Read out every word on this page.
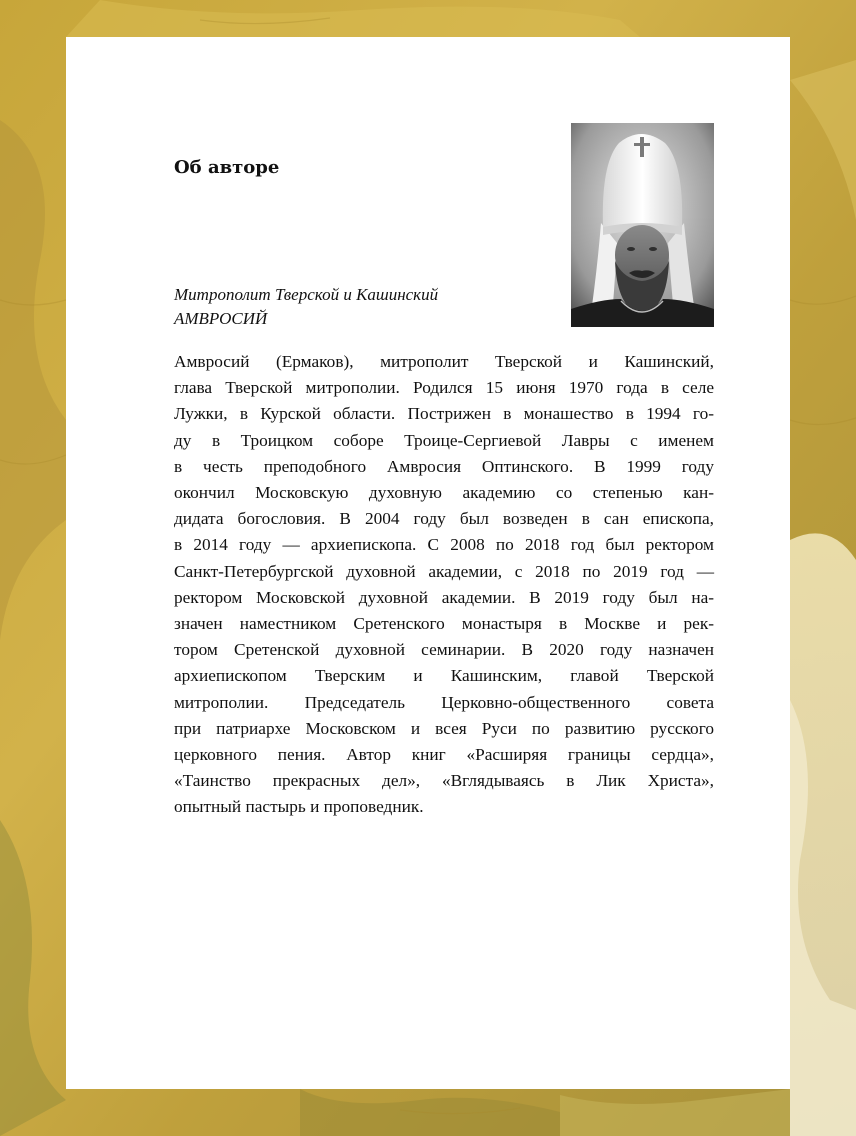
Об авторе
Митрополит Тверской и Кашинский
АМВРОСИЙ
Амвросий (Ермаков), митрополит Тверской и Кашинский,
глава Тверской митрополии. Родился 15 июня 1970 года в селе
Лужки, в Курской области. Пострижен в монашество в 1994 го-
ду в Троицком соборе Троице-Сергиевой Лавры с именем
в честь преподобного Амвросия Оптинского. В 1999 году
окончил Московскую духовную академию со степенью кан-
дидата богословия. В 2004 году был возведен в сан епископа,
в 2014 году — архиепископа. С 2008 по 2018 год был ректором
Санкт-Петербургской духовной академии, с 2018 по 2019 год —
ректором Московской духовной академии. В 2019 году был на-
значен наместником Сретенского монастыря в Москве и рек-
тором Сретенской духовной семинарии. В 2020 году назначен
архиепископом Тверским и Кашинским, главой Тверской
митрополии. Председатель Церковно-общественного совета
при патриархе Московском и всея Руси по развитию русского
церковного пения. Автор книг «Расширяя границы сердца»,
«Таинство прекрасных дел», «Вглядываясь в Лик Христа»,
опытный пастырь и проповедник.
